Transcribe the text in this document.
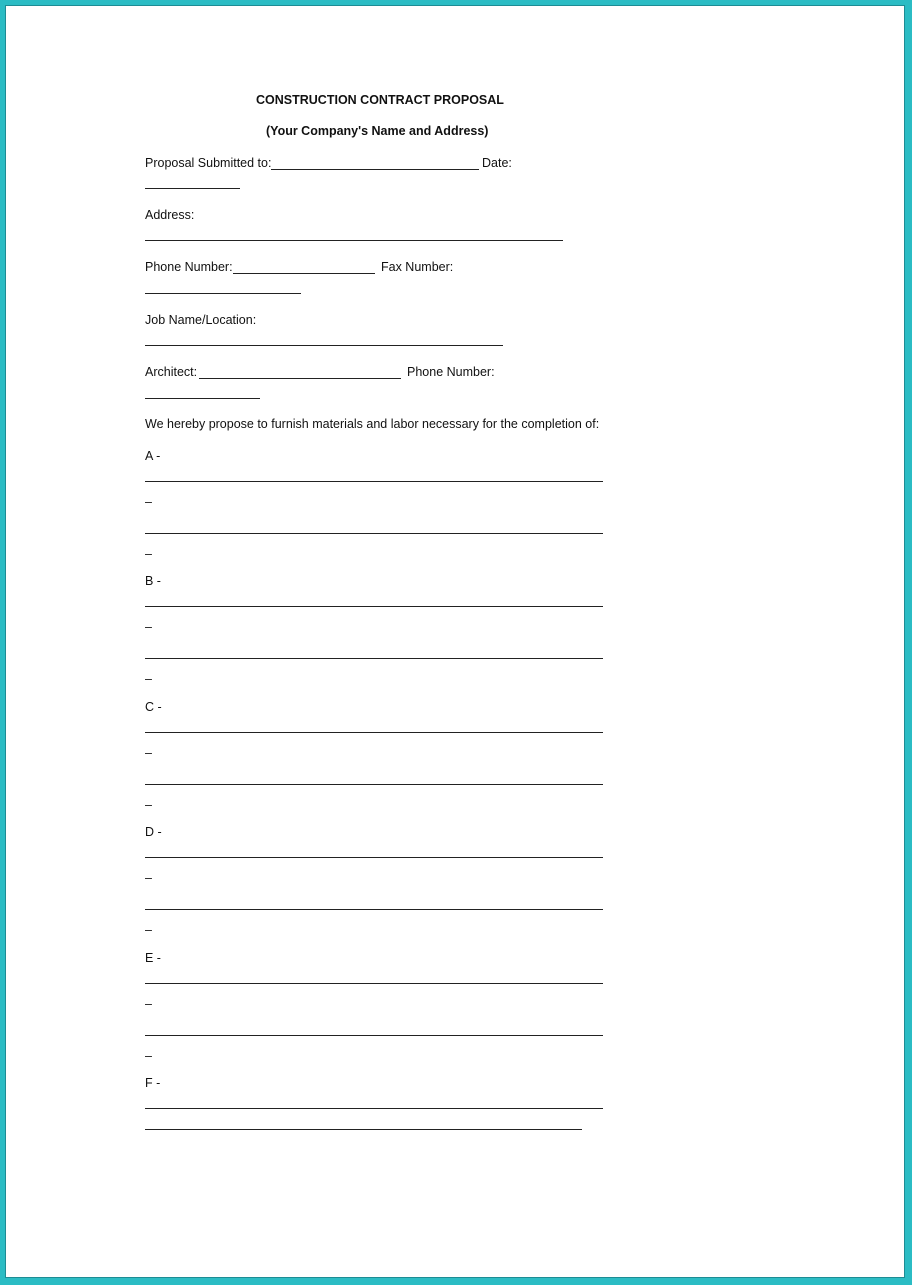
CONSTRUCTION CONTRACT PROPOSAL
(Your Company's Name and Address)
Proposal Submitted to:	Date:
Address:
Phone Number:	Fax Number:
Job Name/Location:
Architect:	Phone Number:
We hereby propose to furnish materials and labor necessary for the completion of:
A -
–
–
B -
–
–
C -
–
–
D -
–
–
E -
–
–
F -
